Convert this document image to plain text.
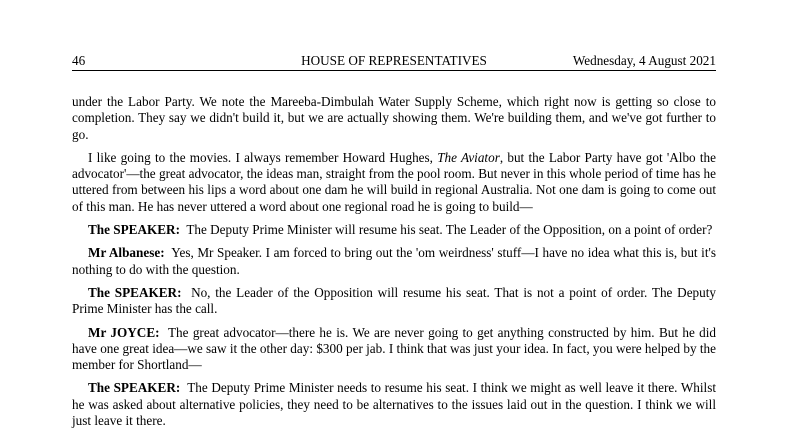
46	HOUSE OF REPRESENTATIVES	Wednesday, 4 August 2021

under the Labor Party. We note the Mareeba-Dimbulah Water Supply Scheme, which right now is getting so close to completion. They say we didn't build it, but we are actually showing them. We're building them, and we've got further to go.

I like going to the movies. I always remember Howard Hughes, The Aviator, but the Labor Party have got 'Albo the advocator'—the great advocator, the ideas man, straight from the pool room. But never in this whole period of time has he uttered from between his lips a word about one dam he will build in regional Australia. Not one dam is going to come out of this man. He has never uttered a word about one regional road he is going to build—

The SPEAKER: The Deputy Prime Minister will resume his seat. The Leader of the Opposition, on a point of order?

Mr Albanese: Yes, Mr Speaker. I am forced to bring out the 'om weirdness' stuff—I have no idea what this is, but it's nothing to do with the question.

The SPEAKER: No, the Leader of the Opposition will resume his seat. That is not a point of order. The Deputy Prime Minister has the call.

Mr JOYCE: The great advocator—there he is. We are never going to get anything constructed by him. But he did have one great idea—we saw it the other day: $300 per jab. I think that was just your idea. In fact, you were helped by the member for Shortland—

The SPEAKER: The Deputy Prime Minister needs to resume his seat. I think we might as well leave it there. Whilst he was asked about alternative policies, they need to be alternatives to the issues laid out in the question. I think we will just leave it there.
